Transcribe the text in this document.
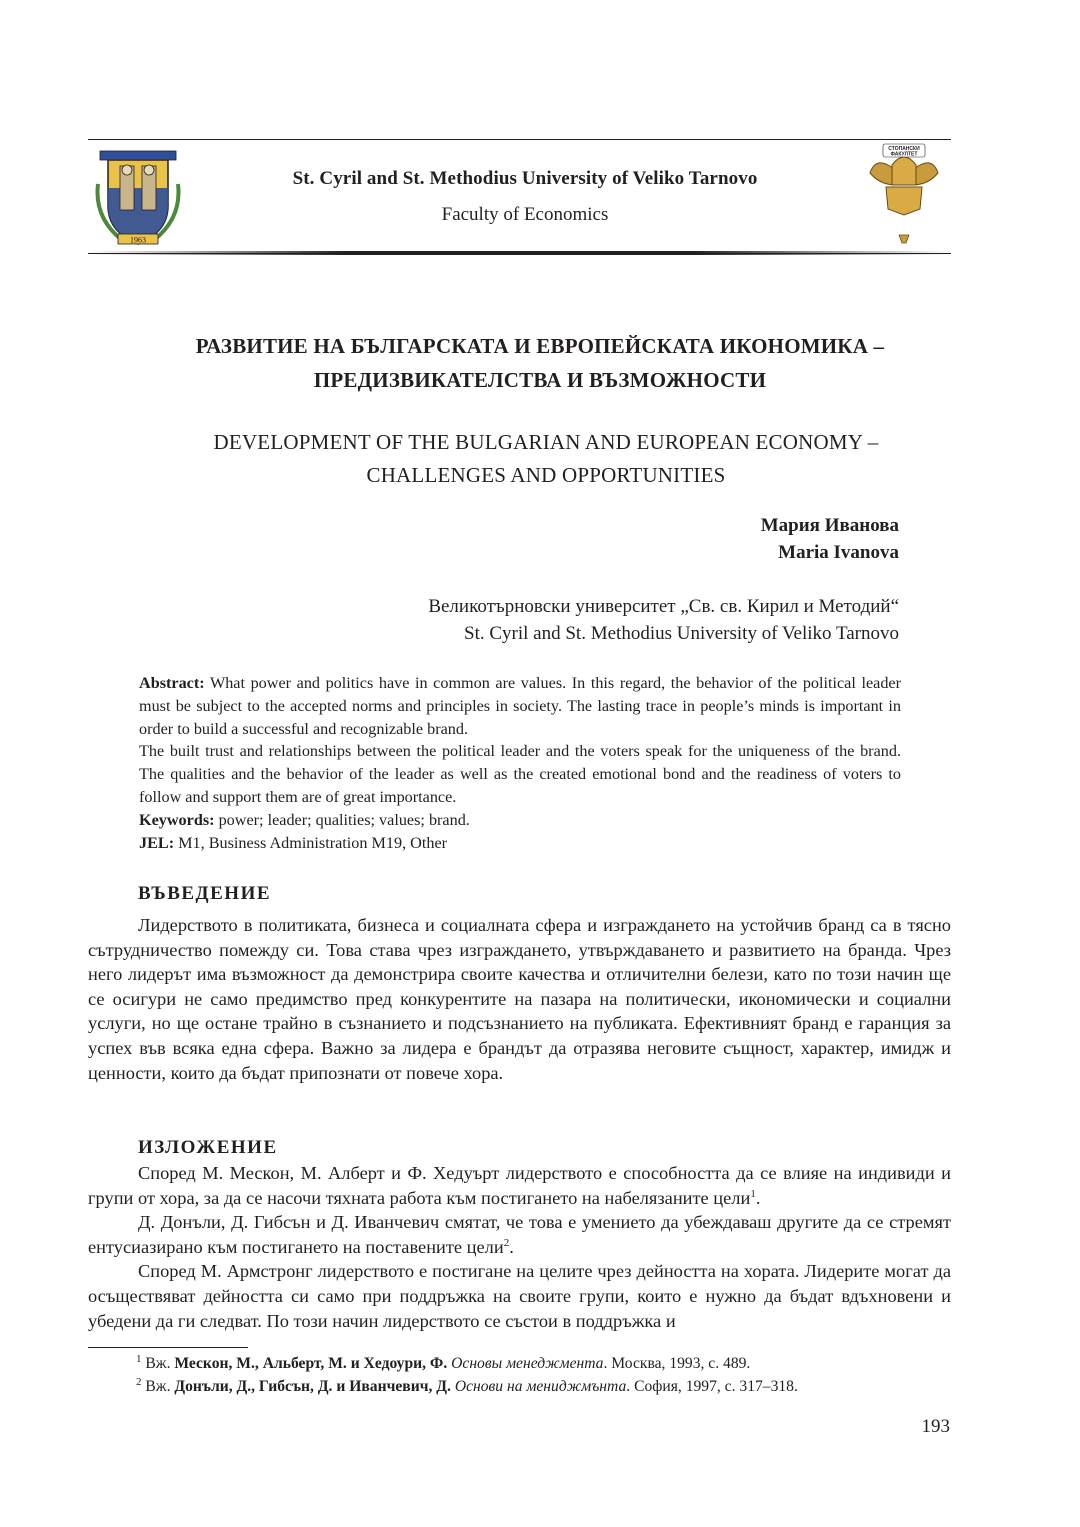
1963
St. Cyril and St. Methodius University of Veliko Tarnovo
Faculty of Economics
СТОПАНСКИ
ФАКУЛТЕТ
РАЗВИТИЕ НА БЪЛГАРСКАТА И ЕВРОПЕЙСКАТА ИКОНОМИКА –
ПРЕДИЗВИКАТЕЛСТВА И ВЪЗМОЖНОСТИ
DEVELOPMENT OF THE BULGARIAN AND EUROPEAN ECONOMY –
CHALLENGES AND OPPORTUNITIES
Мария Иванова
Maria Ivanova
Великотърновски университет „Св. св. Кирил и Методий“
St. Cyril and St. Methodius University of Veliko Tarnovo

Abstract: What power and politics have in common are values. In this regard, the behavior of the political leader must be subject to the accepted norms and principles in society. The lasting trace in people’s minds is important in order to build a successful and recognizable brand.

The built trust and relationships between the political leader and the voters speak for the uniqueness of the brand. The qualities and the behavior of the leader as well as the created emotional bond and the readiness of voters to follow and support them are of great importance.

Keywords: power; leader; qualities; values; brand.

JEL: M1, Business Administration M19, Other

ВЪВЕДЕНИЕ

Лидерството в политиката, бизнеса и социалната сфера и изграждането на устойчив бранд са в тясно сътрудничество помежду си. Това става чрез изграждането, утвърждаването и развитието на бранда. Чрез него лидерът има възможност да демонстрира своите качества и отличителни белези, като по този начин ще се осигури не само предимство пред конкурентите на пазара на политически, икономически и социални услуги, но ще остане трайно в съзнанието и подсъзнанието на публиката. Ефективният бранд е гаранция за успех във всяка една сфера. Важно за лидера е брандът да отразява неговите същност, характер, имидж и ценности, които да бъдат припознати от повече хора.

ИЗЛОЖЕНИЕ

Според М. Мескон, М. Алберт и Ф. Хедуърт лидерството е способността да се влияе на индивиди и групи от хора, за да се насочи тяхната работа към постигането на набелязаните цели$^1$.

Д. Донъли, Д. Гибсън и Д. Иванчевич смятат, че това е умението да убеждаваш другите да се стремят ентусиазирано към постигането на поставените цели$^2$.

Според М. Армстронг лидерството е постигане на целите чрез дейността на хората. Лидерите могат да осъществяват дейността си само при поддръжка на своите групи, които е нужно да бъдат вдъхновени и убедени да ги следват. По този начин лидерството се състои в поддръжка и

$^1$ Вж. Мескон, М., Альберт, М. и Хедоури, Ф. Основы менеджмента. Москва, 1993, с. 489.
$^2$ Вж. Донъли, Д., Гибсън, Д. и Иванчевич, Д. Основи на мениджмънта. София, 1997, с. 317–318.
193
